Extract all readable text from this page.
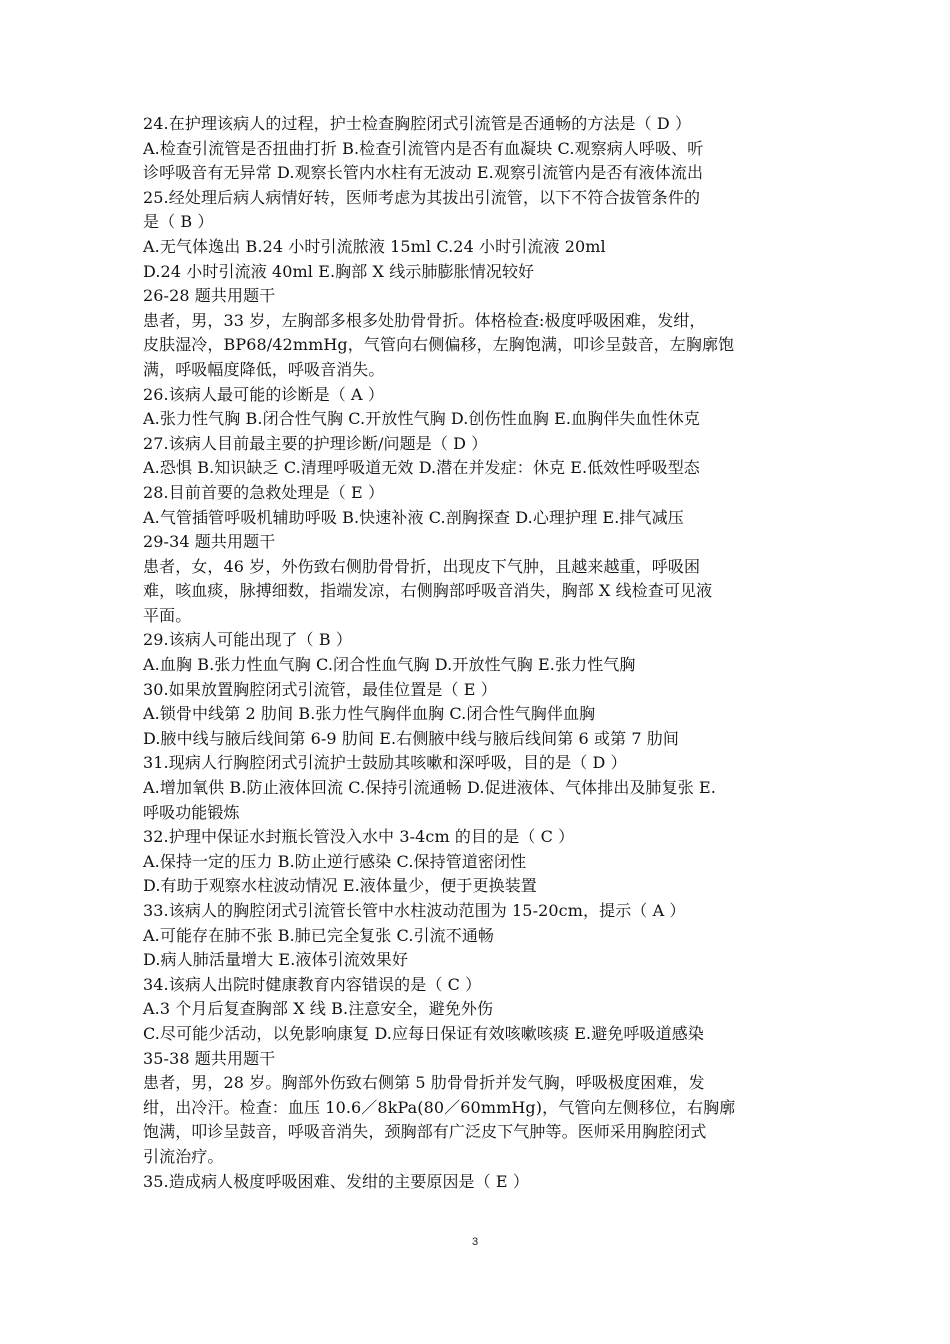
24.在护理该病人的过程，护士检查胸腔闭式引流管是否通畅的方法是（ D ）
A.检查引流管是否扭曲打折 B.检查引流管内是否有血凝块 C.观察病人呼吸、听
诊呼吸音有无异常 D.观察长管内水柱有无波动 E.观察引流管内是否有液体流出
25.经处理后病人病情好转，医师考虑为其拔出引流管，以下不符合拔管条件的
是（ B ）
A.无气体逸出 B.24 小时引流脓液 15ml C.24 小时引流液 20ml
D.24 小时引流液 40ml E.胸部 X 线示肺膨胀情况较好
26-28 题共用题干
患者，男，33 岁，左胸部多根多处肋骨骨折。体格检查:极度呼吸困难，发绀，
皮肤湿冷，BP68/42mmHg，气管向右侧偏移，左胸饱满，叩诊呈鼓音，左胸廓饱
满，呼吸幅度降低，呼吸音消失。
26.该病人最可能的诊断是（ A ）
A.张力性气胸 B.闭合性气胸 C.开放性气胸 D.创伤性血胸 E.血胸伴失血性休克
27.该病人目前最主要的护理诊断/问题是（ D ）
A.恐惧 B.知识缺乏 C.清理呼吸道无效 D.潜在并发症：休克 E.低效性呼吸型态
28.目前首要的急救处理是（ E ）
A.气管插管呼吸机辅助呼吸 B.快速补液 C.剖胸探查 D.心理护理 E.排气减压
29-34 题共用题干
患者，女，46 岁，外伤致右侧肋骨骨折，出现皮下气肿，且越来越重，呼吸困
难，咳血痰，脉搏细数，指端发凉，右侧胸部呼吸音消失，胸部 X 线检查可见液
平面。
29.该病人可能出现了（ B ）
A.血胸 B.张力性血气胸 C.闭合性血气胸 D.开放性气胸 E.张力性气胸
30.如果放置胸腔闭式引流管，最佳位置是（ E ）
A.锁骨中线第 2 肋间 B.张力性气胸伴血胸 C.闭合性气胸伴血胸
D.腋中线与腋后线间第 6-9 肋间 E.右侧腋中线与腋后线间第 6 或第 7 肋间
31.现病人行胸腔闭式引流护士鼓励其咳嗽和深呼吸，目的是（ D ）
A.增加氧供 B.防止液体回流 C.保持引流通畅 D.促进液体、气体排出及肺复张 E.
呼吸功能锻炼
32.护理中保证水封瓶长管没入水中 3-4cm 的目的是（ C ）
A.保持一定的压力 B.防止逆行感染 C.保持管道密闭性
D.有助于观察水柱波动情况 E.液体量少，便于更换装置
33.该病人的胸腔闭式引流管长管中水柱波动范围为 15-20cm，提示（ A ）
A.可能存在肺不张 B.肺已完全复张 C.引流不通畅
D.病人肺活量增大 E.液体引流效果好
34.该病人出院时健康教育内容错误的是（ C ）
A.3 个月后复查胸部 X 线 B.注意安全，避免外伤
C.尽可能少活动，以免影响康复 D.应每日保证有效咳嗽咳痰 E.避免呼吸道感染
35-38 题共用题干
患者，男，28 岁。胸部外伤致右侧第 5 肋骨骨折并发气胸，呼吸极度困难，发
绀，出冷汗。检查：血压 10.6／8kPa(80／60mmHg)，气管向左侧移位，右胸廓
饱满，叩诊呈鼓音，呼吸音消失，颈胸部有广泛皮下气肿等。医师采用胸腔闭式
引流治疗。
35.造成病人极度呼吸困难、发绀的主要原因是（ E ）
3
